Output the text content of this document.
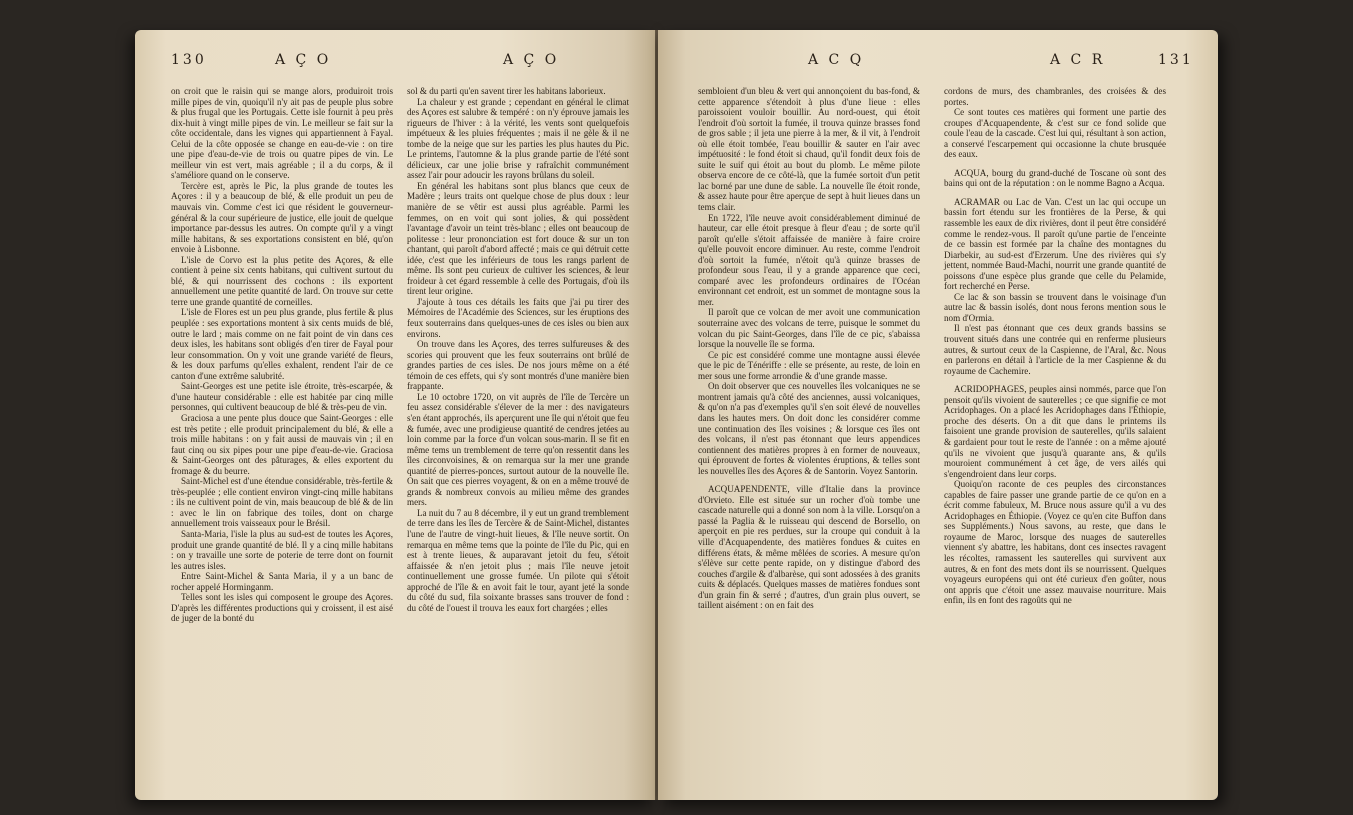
130	A Ç O	A Ç O

on croit que le raisin qui se mange alors, produiroit trois mille pipes de vin, quoiqu'il n'y ait pas de peuple plus sobre & plus frugal que les Portugais. Cette isle fournit à peu près dix-huit à vingt mille pipes de vin. Le meilleur se fait sur la côte occidentale, dans les vignes qui appartiennent à Fayal. Celui de la côte opposée se change en eau-de-vie : on tire une pipe d'eau-de-vie de trois ou quatre pipes de vin. Le meilleur vin est vert, mais agréable ; il a du corps, & il s'améliore quand on le conserve.

Tercère est, après le Pic, la plus grande de toutes les Açores : il y a beaucoup de blé, & elle produit un peu de mauvais vin. Comme c'est ici que résident le gouverneur-général & la cour supérieure de justice, elle jouit de quelque importance par-dessus les autres. On compte qu'il y a vingt mille habitans, & ses exportations consistent en blé, qu'on envoie à Lisbonne.

L'isle de Corvo est la plus petite des Açores, & elle contient à peine six cents habitans, qui cultivent surtout du blé, & qui nourrissent des cochons : ils exportent annuellement une petite quantité de lard. On trouve sur cette terre une grande quantité de corneilles.

L'isle de Flores est un peu plus grande, plus fertile & plus peuplée : ses exportations montent à six cents muids de blé, outre le lard ; mais comme on ne fait point de vin dans ces deux isles, les habitans sont obligés d'en tirer de Fayal pour leur consommation. On y voit une grande variété de fleurs, & les doux parfums qu'elles exhalent, rendent l'air de ce canton d'une extrême salubrité.

Saint-Georges est une petite isle étroite, très-escarpée, & d'une hauteur considérable : elle est habitée par cinq mille personnes, qui cultivent beaucoup de blé & très-peu de vin.

Graciosa a une pente plus douce que Saint-Georges : elle est très petite ; elle produit principalement du blé, & elle a trois mille habitans : on y fait aussi de mauvais vin ; il en faut cinq ou six pipes pour une pipe d'eau-de-vie. Graciosa & Saint-Georges ont des pâturages, & elles exportent du fromage & du beurre.

Saint-Michel est d'une étendue considérable, très-fertile & très-peuplée ; elle contient environ vingt-cinq mille habitans : ils ne cultivent point de vin, mais beaucoup de blé & de lin : avec le lin on fabrique des toiles, dont on charge annuellement trois vaisseaux pour le Brésil.

Santa-Maria, l'isle la plus au sud-est de toutes les Açores, produit une grande quantité de blé. Il y a cinq mille habitans : on y travaille une sorte de poterie de terre dont on fournit les autres isles.

Entre Saint-Michel & Santa Maria, il y a un banc de rocher appelé Horminganm.

Telles sont les isles qui composent le groupe des Açores. D'après les différentes productions qui y croissent, il est aisé de juger de la bonté du

sol & du parti qu'en savent tirer les habitans laborieux.

La chaleur y est grande ; cependant en général le climat des Açores est salubre & tempéré : on n'y éprouve jamais les rigueurs de l'hiver : à la vérité, les vents sont quelquefois impétueux & les pluies fréquentes ; mais il ne gèle & il ne tombe de la neige que sur les parties les plus hautes du Pic. Le printems, l'automne & la plus grande partie de l'été sont délicieux, car une jolie brise y rafraîchit communément assez l'air pour adoucir les rayons brûlans du soleil.

En général les habitans sont plus blancs que ceux de Madère ; leurs traits ont quelque chose de plus doux : leur manière de se vêtir est aussi plus agréable. Parmi les femmes, on en voit qui sont jolies, & qui possèdent l'avantage d'avoir un teint très-blanc ; elles ont beaucoup de politesse : leur prononciation est fort douce & sur un ton chantant, qui paroît d'abord affecté ; mais ce qui détruit cette idée, c'est que les inférieurs de tous les rangs parlent de même. Ils sont peu curieux de cultiver les sciences, & leur froideur à cet égard ressemble à celle des Portugais, d'où ils tirent leur origine.

J'ajoute à tous ces détails les faits que j'ai pu tirer des Mémoires de l'Académie des Sciences, sur les éruptions des feux souterrains dans quelques-unes de ces isles ou bien aux environs.

On trouve dans les Açores, des terres sulfureuses & des scories qui prouvent que les feux souterrains ont brûlé de grandes parties de ces isles. De nos jours même on a été témoin de ces effets, qui s'y sont montrés d'une manière bien frappante.

Le 10 octobre 1720, on vit auprès de l'île de Tercère un feu assez considérable s'élever de la mer : des navigateurs s'en étant approchés, ils aperçurent une île qui n'étoit que feu & fumée, avec une prodigieuse quantité de cendres jetées au loin comme par la force d'un volcan sous-marin. Il se fit en même tems un tremblement de terre qu'on ressentit dans les îles circonvoisines, & on remarqua sur la mer une grande quantité de pierres-ponces, surtout autour de la nouvelle île. On sait que ces pierres voyagent, & on en a même trouvé de grands & nombreux convois au milieu même des grandes mers.

La nuit du 7 au 8 décembre, il y eut un grand tremblement de terre dans les îles de Tercère & de Saint-Michel, distantes l'une de l'autre de vingt-huit lieues, & l'île neuve sortit. On remarqua en même tems que la pointe de l'île du Pic, qui en est à trente lieues, & auparavant jetoit du feu, s'étoit affaissée & n'en jetoit plus ; mais l'île neuve jetoit continuellement une grosse fumée. Un pilote qui s'étoit approché de l'île & en avoit fait le tour, ayant jeté la sonde du côté du sud, fila soixante brasses sans trouver de fond : du côté de l'ouest il trouva les eaux fort chargées ; elles

A C Q	A C R	131

sembloient d'un bleu & vert qui annonçoient du bas-fond, & cette apparence s'étendoit à plus d'une lieue : elles paroissoient vouloir bouillir. Au nord-ouest, qui étoit l'endroit d'où sortoit la fumée, il trouva quinze brasses fond de gros sable ; il jeta une pierre à la mer, & il vit, à l'endroit où elle étoit tombée, l'eau bouillir & sauter en l'air avec impétuosité : le fond étoit si chaud, qu'il fondit deux fois de suite le suif qui étoit au bout du plomb. Le même pilote observa encore de ce côté-là, que la fumée sortoit d'un petit lac borné par une dune de sable. La nouvelle île étoit ronde, & assez haute pour être aperçue de sept à huit lieues dans un tems clair.

En 1722, l'île neuve avoit considérablement diminué de hauteur, car elle étoit presque à fleur d'eau ; de sorte qu'il paroît qu'elle s'étoit affaissée de manière à faire croire qu'elle pouvoit encore diminuer. Au reste, comme l'endroit d'où sortoit la fumée, n'étoit qu'à quinze brasses de profondeur sous l'eau, il y a grande apparence que ceci, comparé avec les profondeurs ordinaires de l'Océan environnant cet endroit, est un sommet de montagne sous la mer.

Il paroît que ce volcan de mer avoit une communication souterraine avec des volcans de terre, puisque le sommet du volcan du pic Saint-Georges, dans l'île de ce pic, s'abaissa lorsque la nouvelle île se forma.

Ce pic est considéré comme une montagne aussi élevée que le pic de Ténériffe : elle se présente, au reste, de loin en mer sous une forme arrondie & d'une grande masse.

On doit observer que ces nouvelles îles volcaniques ne se montrent jamais qu'à côté des anciennes, aussi volcaniques, & qu'on n'a pas d'exemples qu'il s'en soit élevé de nouvelles dans les hautes mers. On doit donc les considérer comme une continuation des îles voisines ; & lorsque ces îles ont des volcans, il n'est pas étonnant que leurs appendices contiennent des matières propres à en former de nouveaux, qui éprouvent de fortes & violentes éruptions, & telles sont les nouvelles îles des Açores & de Santorin. Voyez Santorin.

ACQUAPENDENTE, ville d'Italie dans la province d'Orvieto. Elle est située sur un rocher d'où tombe une cascade naturelle qui a donné son nom à la ville. Lorsqu'on a passé la Paglia & le ruisseau qui descend de Borsello, on aperçoit en pie res perdues, sur la croupe qui conduit à la ville d'Acquapendente, des matières fondues & cuites en différens états, & même mêlées de scories. A mesure qu'on s'élève sur cette pente rapide, on y distingue d'abord des couches d'argile & d'albarèse, qui sont adossées à des granits cuits & déplacés. Quelques masses de matières fondues sont d'un grain fin & serré ; d'autres, d'un grain plus ouvert, se taillent aisément : on en fait des

cordons de murs, des chambranles, des croisées & des portes.

Ce sont toutes ces matières qui forment une partie des croupes d'Acquapendente, & c'est sur ce fond solide que coule l'eau de la cascade. C'est lui qui, résultant à son action, a conservé l'escarpement qui occasionne la chute brusquée des eaux.

ACQUA, bourg du grand-duché de Toscane où sont des bains qui ont de la réputation : on le nomme Bagno a Acqua.

ACRAMAR ou Lac de Van. C'est un lac qui occupe un bassin fort étendu sur les frontières de la Perse, & qui rassemble les eaux de dix rivières, dont il peut être considéré comme le rendez-vous. Il paroît qu'une partie de l'enceinte de ce bassin est formée par la chaîne des montagnes du Diarbekir, au sud-est d'Erzerum. Une des rivières qui s'y jettent, nommée Baud-Machi, nourrit une grande quantité de poissons d'une espèce plus grande que celle du Pelamide, fort recherché en Perse.

Ce lac & son bassin se trouvent dans le voisinage d'un autre lac & bassin isolés, dont nous ferons mention sous le nom d'Ormia.

Il n'est pas étonnant que ces deux grands bassins se trouvent situés dans une contrée qui en renferme plusieurs autres, & surtout ceux de la Caspienne, de l'Aral, &c. Nous en parlerons en détail à l'article de la mer Caspienne & du royaume de Cachemire.

ACRIDOPHAGES, peuples ainsi nommés, parce que l'on pensoit qu'ils vivoient de sauterelles ; ce que signifie ce mot Acridophages. On a placé les Acridophages dans l'Éthiopie, proche des déserts. On a dit que dans le printems ils faisoient une grande provision de sauterelles, qu'ils salaient & gardaient pour tout le reste de l'année : on a même ajouté qu'ils ne vivoient que jusqu'à quarante ans, & qu'ils mouroient communément à cet âge, de vers ailés qui s'engendroient dans leur corps.

Quoiqu'on raconte de ces peuples des circonstances capables de faire passer une grande partie de ce qu'on en a écrit comme fabuleux, M. Bruce nous assure qu'il a vu des Acridophages en Éthiopie. (Voyez ce qu'en cite Buffon dans ses Suppléments.) Nous savons, au reste, que dans le royaume de Maroc, lorsque des nuages de sauterelles viennent s'y abattre, les habitans, dont ces insectes ravagent les récoltes, ramassent les sauterelles qui survivent aux autres, & en font des mets dont ils se nourrissent. Quelques voyageurs européens qui ont été curieux d'en goûter, nous ont appris que c'étoit une assez mauvaise nourriture. Mais enfin, ils en font des ragoûts qui ne
